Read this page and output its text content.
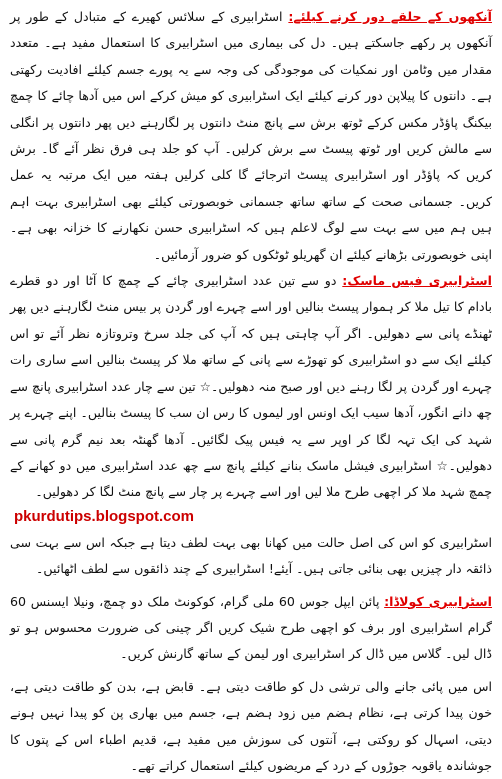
آنکھوں کے حلقے دور کرنے کیلئے: اسٹرابیری کے سلائس کھیرے کے متبادل کے طور پر آنکھوں پر رکھے جاسکتے ہیں۔ دل کی بیماری میں اسٹرابیری کا استعمال مفید ہے۔ متعدد مقدار میں وٹامن اور نمکیات کی موجودگی کی وجہ سے یہ پورے جسم کیلئے افادیت رکھتی ہے۔ دانتوں کا پیلاپن دور کرنے کیلئے ایک اسٹرابیری کو میش کرکے اس میں آدھا چائے کا چمچ بیکنگ پاؤڈر مکس کرکے ٹوتھ برش سے پانچ منٹ دانتوں پر لگارہنے دیں پھر دانتوں پر انگلی سے مالش کریں اور ٹوتھ پیسٹ سے برش کرلیں۔ آپ کو جلد ہی فرق نظر آئے گا۔ برش کریں کہ پاؤڈر اور اسٹرابیری پیسٹ اترجائے گا کلی کرلیں ہفتہ میں ایک مرتبہ یہ عمل کریں۔ جسمانی صحت کے ساتھ ساتھ جسمانی خوبصورتی کیلئے بھی اسٹرابیری بہت اہم ہیں ہم میں سے بہت سے لوگ لاعلم ہیں کہ اسٹرابیری حسن نکھارنے کا خزانہ بھی ہے۔ اپنی خوبصورتی بڑھانے کیلئے ان گھریلو ٹوٹکوں کو ضرور آزمائیں۔

اسٹرابیری فیس ماسک: دو سے تین عدد اسٹرابیری چائے کے چمچ کا آٹا اور دو قطرے بادام کا تیل ملا کر ہموار پیسٹ بنالیں اور اسے چہرے اور گردن پر بیس منٹ لگارہنے دیں پھر ٹھنڈے پانی سے دھولیں۔ اگر آپ چاہتی ہیں کہ آپ کی جلد سرخ وتروتازہ نظر آئے تو اس کیلئے ایک سے دو اسٹرابیری کو تھوڑے سے پانی کے ساتھ ملا کر پیسٹ بنالیں اسے ساری رات چہرے اور گردن پر لگا رہنے دیں اور صبح منہ دھولیں۔☆ تین سے چار عدد اسٹرابیری پانچ سے چھ دانے انگور، آدھا سیب ایک اونس اور لیموں کا رس ان سب کا پیسٹ بنالیں۔ اپنے چہرے پر شہد کی ایک تہہ لگا کر اوپر سے یہ فیس پیک لگائیں۔ آدھا گھنٹہ بعد نیم گرم پانی سے دھولیں۔☆ اسٹرابیری فیشل ماسک بنانے کیلئے پانچ سے چھ عدد اسٹرابیری میں دو کھانے کے چمچ شہد ملا کر اچھی طرح ملا لیں اور اسے چہرے پر چار سے پانچ منٹ لگا کر دھولیں۔

pkurdutips.blogspot.com

اسٹرابیری کو اس کی اصل حالت میں کھانا بھی بہت لطف دیتا ہے جبکہ اس سے بہت سی ذائقہ دار چیزیں بھی بنائی جاتی ہیں۔ آیئے! اسٹرابیری کے چند ذائقوں سے لطف اٹھائیں۔

اسٹرابیری کولاڈا: پائن ایپل جوس 60 ملی گرام، کوکونٹ ملک دو چمچ، ونیلا ایسنس 60 گرام اسٹرابیری اور برف کو اچھی طرح شیک کریں اگر چینی کی ضرورت محسوس ہو تو ڈال لیں۔ گلاس میں ڈال کر اسٹرابیری اور لیمن کے ساتھ گارنش کریں۔

اس میں پائی جانے والی ترشی دل کو طاقت دیتی ہے۔ قابض ہے، بدن کو طاقت دیتی ہے، خون پیدا کرتی ہے، نظام ہضم میں زود ہضم ہے، جسم میں بھاری پن کو پیدا نہیں ہونے دیتی، اسہال کو روکتی ہے، آنتوں کی سوزش میں مفید ہے، قدیم اطباء اس کے پتوں کا جوشاندہ یاقوبہ جوڑوں کے درد کے مریضوں کیلئے استعمال کراتے تھے۔
